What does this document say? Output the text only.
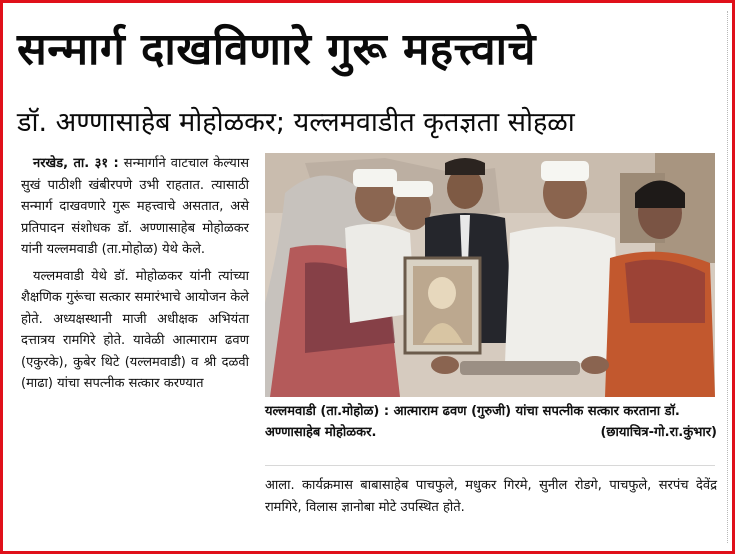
सन्मार्ग दाखविणारे गुरू महत्त्वाचे
डॉ. अण्णासाहेब मोहोळकर; यल्लमवाडीत कृतज्ञता सोहळा

नरखेड, ता. ३१ : सन्मार्गाने वाटचाल केल्यास सुखं पाठीशी खंबीरपणे उभी राहतात. त्यासाठी सन्मार्ग दाखवणारे गुरू महत्त्वाचे असतात, असे प्रतिपादन संशोधक डॉ. अण्णासाहेब मोहोळकर यांनी यल्लमवाडी (ता.मोहोळ) येथे केले.

यल्लमवाडी येथे डॉ. मोहोळकर यांनी त्यांच्या शैक्षणिक गुरूंचा सत्कार समारंभाचे आयोजन केले होते. अध्यक्षस्थानी माजी अधीक्षक अभियंता दत्तात्रय रामगिरे होते. यावेळी आत्माराम ढवण (एकुरके), कुबेर थिटे (यल्लमवाडी) व श्री दळवी (माढा) यांचा सपत्नीक सत्कार करण्यात

यल्लमवाडी (ता.मोहोळ) : आत्माराम ढवण (गुरुजी) यांचा सपत्नीक सत्कार करताना डॉ. अण्णासाहेब मोहोळकर.	(छायाचित्र-गो.रा.कुंभार)
आला. कार्यक्रमास बाबासाहेब पाचफुले, मधुकर गिरमे, सुनील रोडगे, पाचफुले, सरपंच देवेंद्र रामगिरे, विलास ज्ञानोबा मोटे उपस्थित होते.
